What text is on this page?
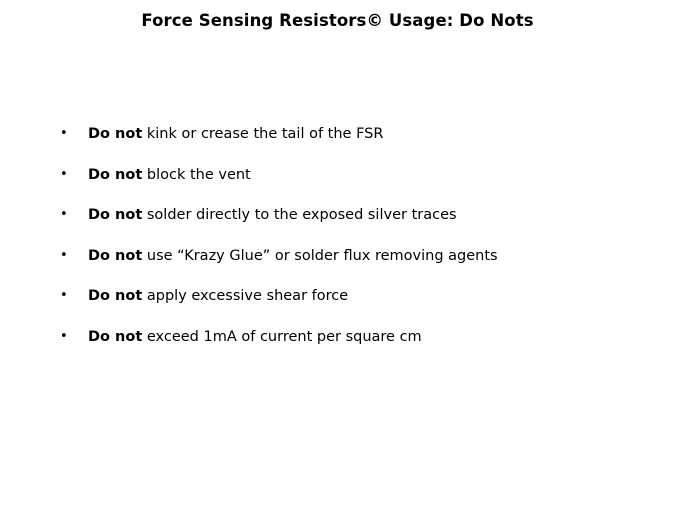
Force Sensing Resistors© Usage: Do Nots
•	Do not kink or crease the tail of the FSR
•	Do not block the vent
•	Do not solder directly to the exposed silver traces
•	Do not use “Krazy Glue” or solder flux removing agents
•	Do not apply excessive shear force
•	Do not exceed 1mA of current per square cm
